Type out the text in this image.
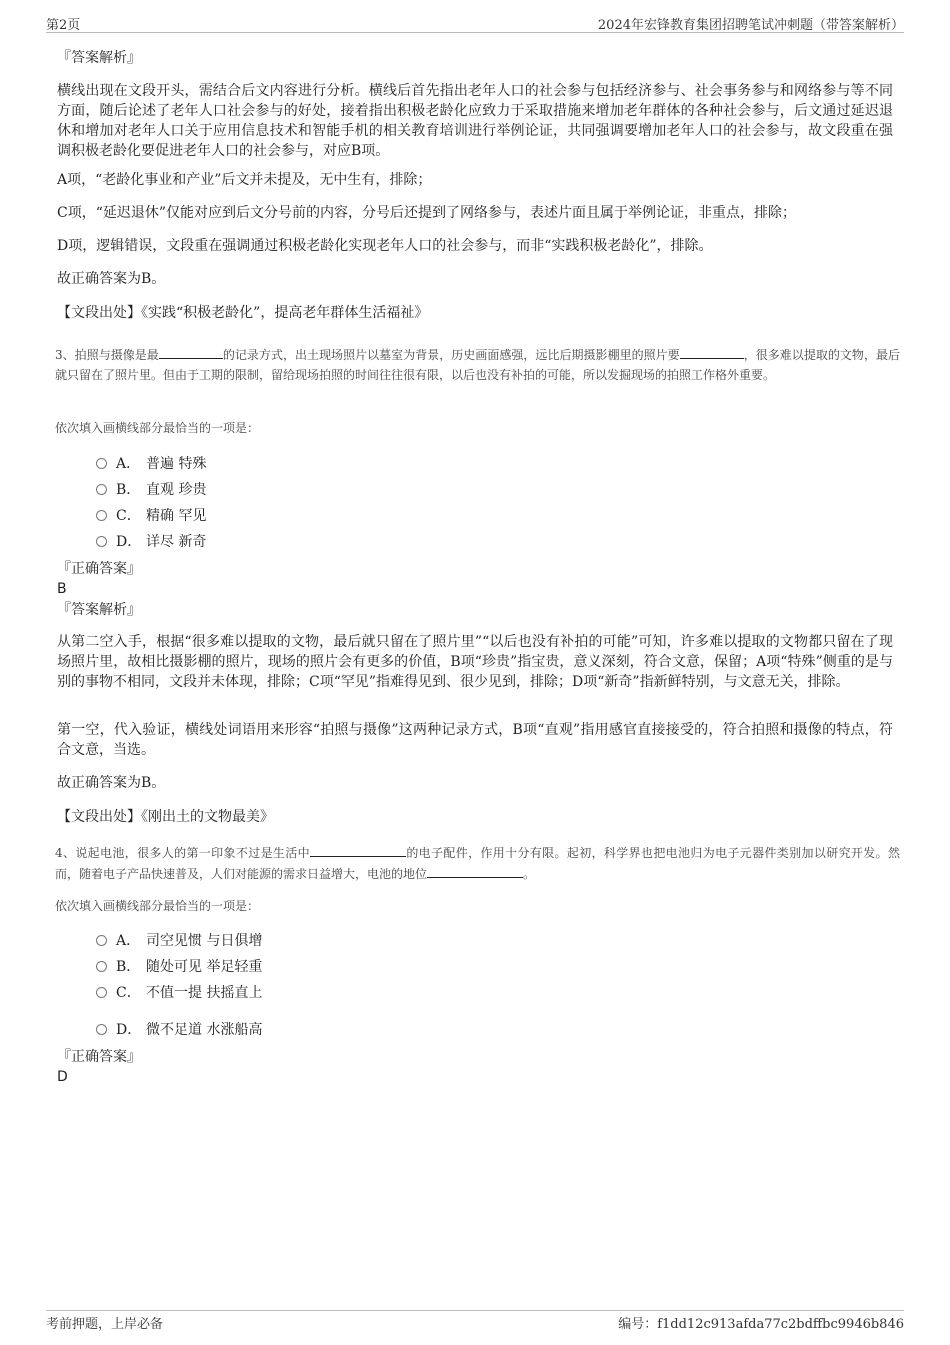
第2页	2024年宏锋教育集团招聘笔试冲刺题（带答案解析）
『答案解析』
横线出现在文段开头，需结合后文内容进行分析。横线后首先指出老年人口的社会参与包括经济参与、社会事务参与和网络参与等不同方面，随后论述了老年人口社会参与的好处，接着指出积极老龄化应致力于采取措施来增加老年群体的各种社会参与，后文通过延迟退休和增加对老年人口关于应用信息技术和智能手机的相关教育培训进行举例论证，共同强调要增加老年人口的社会参与，故文段重在强调积极老龄化要促进老年人口的社会参与，对应B项。
A项，“老龄化事业和产业”后文并未提及，无中生有，排除；
C项，“延迟退休”仅能对应到后文分号前的内容，分号后还提到了网络参与，表述片面且属于举例论证，非重点，排除；
D项，逻辑错误，文段重在强调通过积极老龄化实现老年人口的社会参与，而非“实践积极老龄化”，排除。
故正确答案为B。
【文段出处】《实践“积极老龄化”，提高老年群体生活福祉》
3、拍照与摄像是最	的记录方式，出土现场照片以墓室为背景，历史画面感强，远比后期摄影棚里的照片要	，很多难以提取的文物，最后就只留在了照片里。但由于工期的限制，留给现场拍照的时间往往很有限，以后也没有补拍的可能，所以发掘现场的拍照工作格外重要。
依次填入画横线部分最恰当的一项是：
A． 普遍 特殊
B． 直观 珍贵
C． 精确 罕见
D． 详尽 新奇
『正确答案』
B
『答案解析』
从第二空入手，根据“很多难以提取的文物，最后就只留在了照片里”“以后也没有补拍的可能”可知，许多难以提取的文物都只留在了现场照片里，故相比摄影棚的照片，现场的照片会有更多的价值，B项“珍贵”指宝贵，意义深刻，符合文意，保留；A项“特殊”侧重的是与别的事物不相同，文段并未体现，排除；C项“罕见”指难得见到、很少见到，排除；D项“新奇”指新鲜特别，与文意无关，排除。
第一空，代入验证，横线处词语用来形容“拍照与摄像”这两种记录方式，B项“直观”指用感官直接接受的，符合拍照和摄像的特点，符合文意，当选。
故正确答案为B。
【文段出处】《刚出土的文物最美》
4、说起电池，很多人的第一印象不过是生活中	的电子配件，作用十分有限。起初，科学界也把电池归为电子元器件类别加以研究开发。然而，随着电子产品快速普及，人们对能源的需求日益增大，电池的地位	。
依次填入画横线部分最恰当的一项是：
A． 司空见惯 与日俱增
B． 随处可见 举足轻重
C． 不值一提 扶摇直上
D． 微不足道 水涨船高
『正确答案』
D
考前押题，上岸必备	编号：f1dd12c913afda77c2bdffbc9946b846
